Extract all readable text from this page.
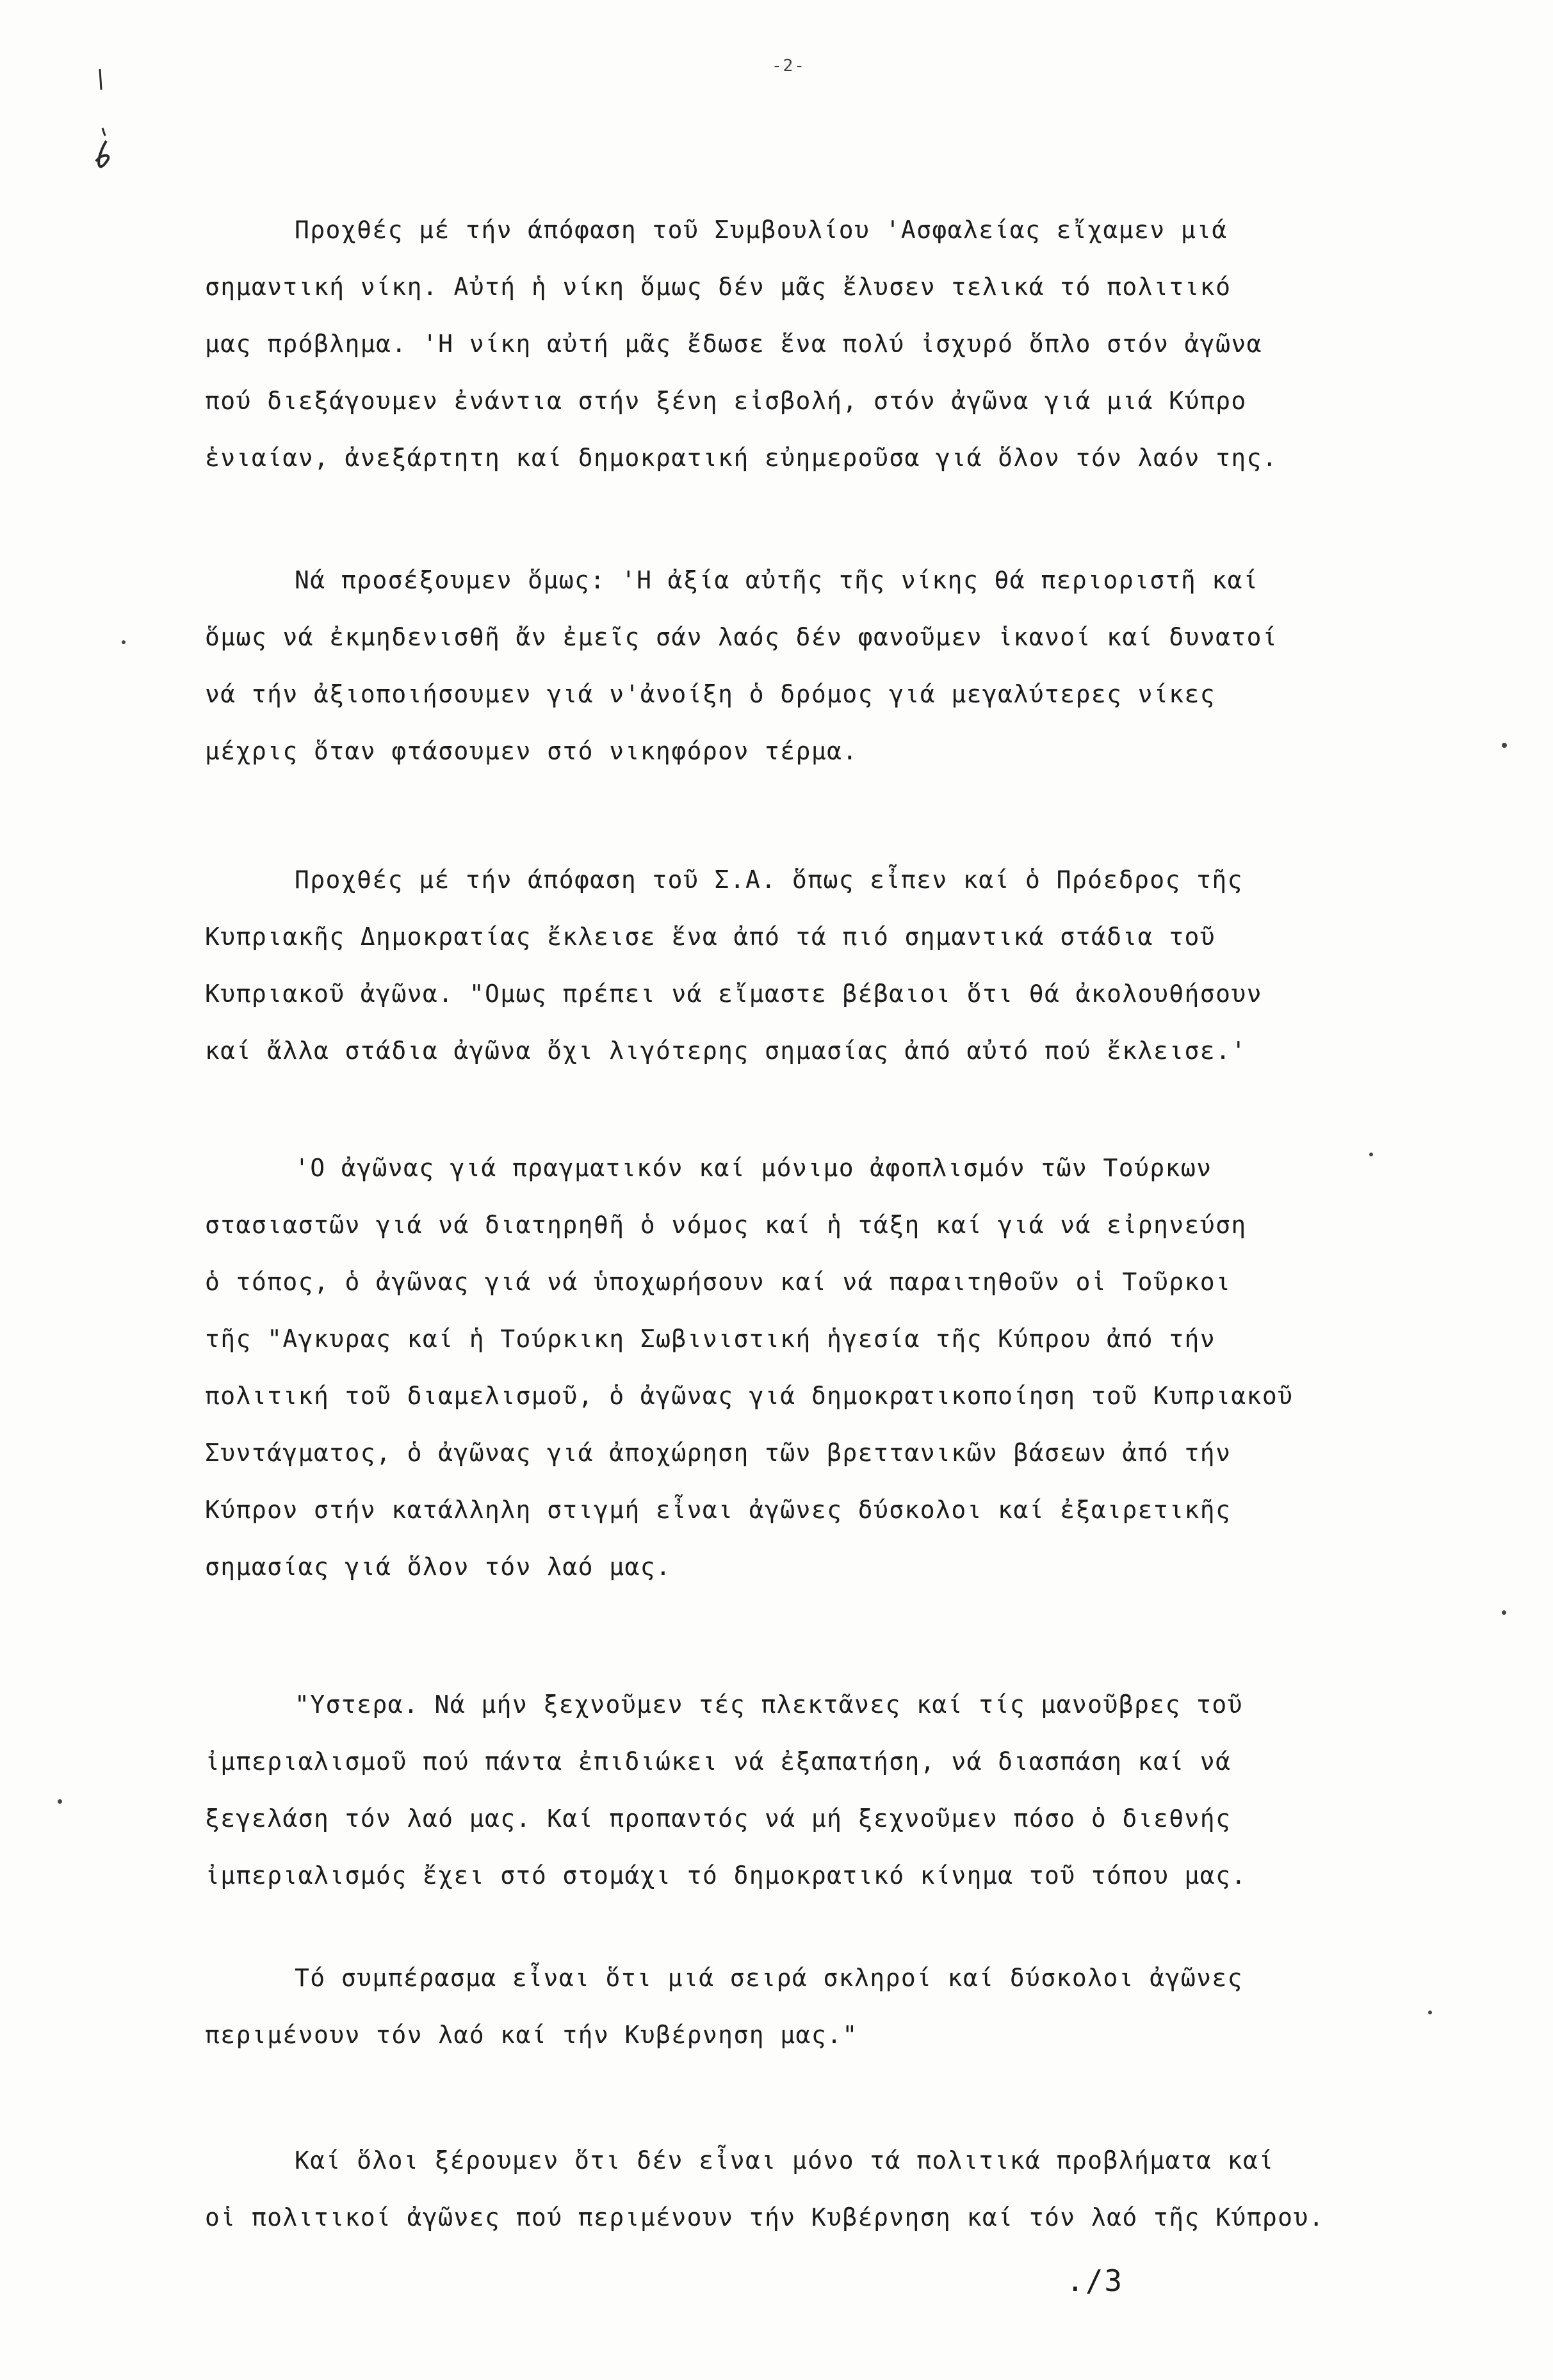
-2-
Προχθές μέ τήν άπόφαση τοῦ Συμβουλίου 'Ασφαλείας εἴχαμεν μιά
σημαντική νίκη. Αὐτή ἡ νίκη ὅμως δέν μᾶς ἔλυσεν τελικά τό πολιτικό
μας πρόβλημα. 'Η νίκη αὐτή μᾶς ἔδωσε ἕνα πολύ ἰσχυρό ὅπλο στόν ἀγῶνα
πού διεξάγουμεν ἐνάντια στήν ξένη εἰσβολή, στόν ἀγῶνα γιά μιά Κύπρο
ἑνιαίαν, ἀνεξάρτητη καί δημοκρατική εὐημεροῦσα γιά ὅλον τόν λαόν της.
Νά προσέξουμεν ὅμως: 'Η ἀξία αὐτῆς τῆς νίκης θά περιοριστῆ καί
ὅμως νά ἐκμηδενισθῆ ἄν ἐμεῖς σάν λαός δέν φανοῦμεν ἱκανοί καί δυνατοί
νά τήν ἀξιοποιήσουμεν γιά ν'ἀνοίξη ὁ δρόμος γιά μεγαλύτερες νίκες
μέχρις ὅταν φτάσουμεν στό νικηφόρον τέρμα.
Προχθές μέ τήν άπόφαση τοῦ Σ.Α. ὅπως εἶπεν καί ὁ Πρόεδρος τῆς
Κυπριακῆς Δημοκρατίας ἔκλεισε ἕνα ἀπό τά πιό σημαντικά στάδια τοῦ
Κυπριακοῦ ἀγῶνα. "Ομως πρέπει νά εἴμαστε βέβαιοι ὅτι θά ἀκολουθήσουν
καί ἄλλα στάδια ἀγῶνα ὄχι λιγότερης σημασίας ἀπό αὐτό πού ἔκλεισε.'
'Ο ἀγῶνας γιά πραγματικόν καί μόνιμο ἀφοπλισμόν τῶν Τούρκων
στασιαστῶν γιά νά διατηρηθῆ ὁ νόμος καί ἡ τάξη καί γιά νά εἰρηνεύση
ὁ τόπος, ὁ ἀγῶνας γιά νά ὑποχωρήσουν καί νά παραιτηθοῦν οἱ Τοῦρκοι
τῆς "Αγκυρας καί ἡ Τούρκικη Σωβινιστική ἡγεσία τῆς Κύπρου ἀπό τήν
πολιτική τοῦ διαμελισμοῦ, ὁ ἀγῶνας γιά δημοκρατικοποίηση τοῦ Κυπριακοῦ
Συντάγματος, ὁ ἀγῶνας γιά ἀποχώρηση τῶν βρεττανικῶν βάσεων ἀπό τήν
Κύπρον στήν κατάλληλη στιγμή εἶναι ἀγῶνες δύσκολοι καί ἐξαιρετικῆς
σημασίας γιά ὅλον τόν λαό μας.
"Υστερα. Νά μήν ξεχνοῦμεν τές πλεκτᾶνες καί τίς μανοῦβρες τοῦ
ἰμπεριαλισμοῦ πού πάντα ἐπιδιώκει νά ἐξαπατήση, νά διασπάση καί νά
ξεγελάση τόν λαό μας. Καί προπαντός νά μή ξεχνοῦμεν πόσο ὁ διεθνής
ἰμπεριαλισμός ἔχει στό στομάχι τό δημοκρατικό κίνημα τοῦ τόπου μας.
Τό συμπέρασμα εἶναι ὅτι μιά σειρά σκληροί καί δύσκολοι ἀγῶνες
περιμένουν τόν λαό καί τήν Κυβέρνηση μας."
Καί ὅλοι ξέρουμεν ὅτι δέν εἶναι μόνο τά πολιτικά προβλήματα καί
οἱ πολιτικοί ἀγῶνες πού περιμένουν τήν Κυβέρνηση καί τόν λαό τῆς Κύπρου.
./3
